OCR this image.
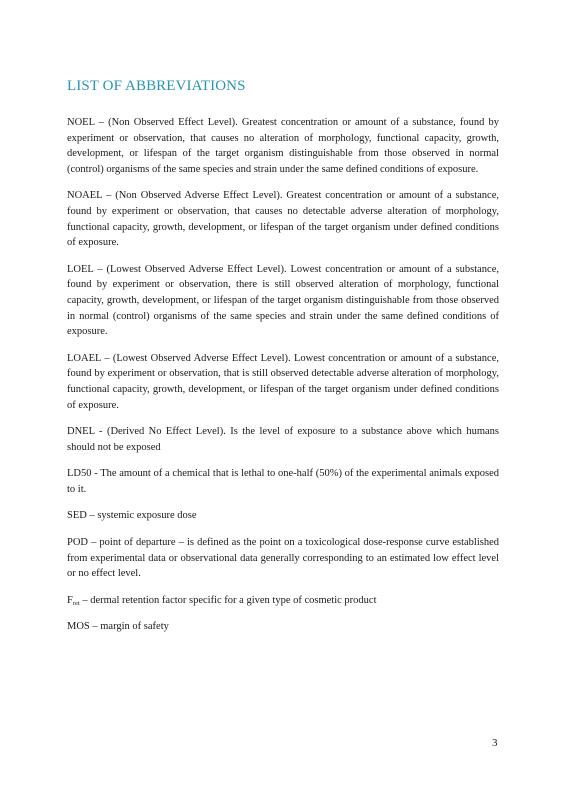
LIST OF ABBREVIATIONS

NOEL – (Non Observed Effect Level). Greatest concentration or amount of a substance, found by experiment or observation, that causes no alteration of morphology, functional capacity, growth, development, or lifespan of the target organism distinguishable from those observed in normal (control) organisms of the same species and strain under the same defined conditions of exposure.

NOAEL – (Non Observed Adverse Effect Level). Greatest concentration or amount of a substance, found by experiment or observation, that causes no detectable adverse alteration of morphology, functional capacity, growth, development, or lifespan of the target organism under defined conditions of exposure.

LOEL – (Lowest Observed Adverse Effect Level). Lowest concentration or amount of a substance, found by experiment or observation, there is still observed alteration of morphology, functional capacity, growth, development, or lifespan of the target organism distinguishable from those observed in normal (control) organisms of the same species and strain under the same defined conditions of exposure.

LOAEL – (Lowest Observed Adverse Effect Level). Lowest concentration or amount of a substance, found by experiment or observation, that is still observed detectable adverse alteration of morphology, functional capacity, growth, development, or lifespan of the target organism under defined conditions of exposure.

DNEL - (Derived No Effect Level). Is the level of exposure to a substance above which humans should not be exposed

LD50 - The amount of a chemical that is lethal to one-half (50%) of the experimental animals exposed to it.

SED – systemic exposure dose

POD – point of departure – is defined as the point on a toxicological dose-response curve established from experimental data or observational data generally corresponding to an estimated low effect level or no effect level.

$F_{ret}$ – dermal retention factor specific for a given type of cosmetic product

MOS – margin of safety

3
